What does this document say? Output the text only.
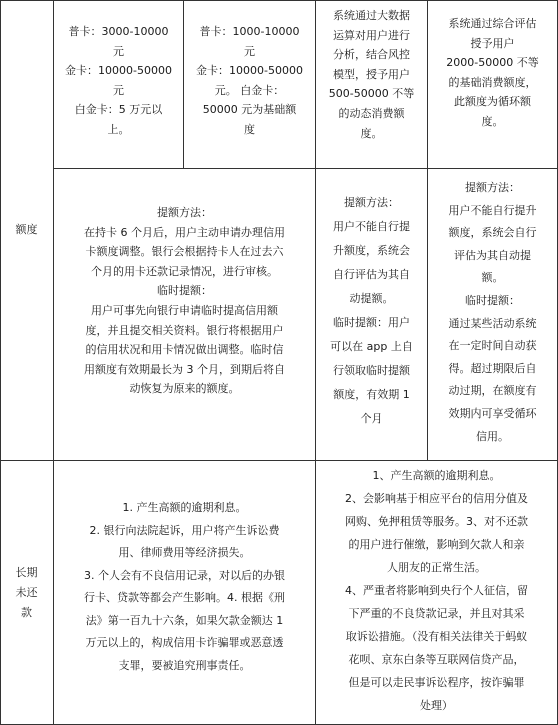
额度

普卡：3000-10000

元

金卡：10000-50000

元

白金卡：5 万元以

上。

普卡：1000-10000

元

金卡：10000-50000

元。 白金卡：

50000 元为基础额

度

系统通过大数据

运算对用户进行

分析，结合风控

模型，授予用户

500-50000 不等

的动态消费额

度。

系统通过综合评估

授予用户

2000-50000 不等

的基础消费额度，

此额度为循环额

度。

提额方法：

在持卡 6 个月后，用户主动申请办理信用

卡额度调整。银行会根据持卡人在过去六

个月的用卡还款记录情况，进行审核。

临时提额：

用户可事先向银行申请临时提高信用额

度，并且提交相关资料。银行将根据用户

的信用状况和用卡情况做出调整。临时信

用额度有效期最长为 3 个月，到期后将自

动恢复为原来的额度。

提额方法：

用户不能自行提

升额度，系统会

自行评估为其自

动提额。

临时提额：用户

可以在 app 上自

行领取临时提额

额度，有效期 1

个月

提额方法：

用户不能自行提升

额度，系统会自行

评估为其自动提

额。

临时提额：

通过某些活动系统

在一定时间自动获

得。超过期限后自

动过期，在额度有

效期内可享受循环

信用。

长期

未还

款

1. 产生高额的逾期利息。

2. 银行向法院起诉，用户将产生诉讼费

用、律师费用等经济损失。

3. 个人会有不良信用记录，对以后的办银

行卡、贷款等都会产生影响。4. 根据《刑

法》第一百九十六条，如果欠款金额达 1

万元以上的，构成信用卡诈骗罪或恶意透

支罪，要被追究刑事责任。

1、产生高额的逾期利息。

2、会影响基于相应平台的信用分值及

网购、免押租赁等服务。3、对不还款

的用户进行催缴，影响到欠款人和亲

人朋友的正常生活。

4、严重者将影响到央行个人征信，留

下严重的不良贷款记录，并且对其采

取诉讼措施。（没有相关法律关于蚂蚁

花呗、京东白条等互联网信贷产品，

但是可以走民事诉讼程序，按诈骗罪

处理）
